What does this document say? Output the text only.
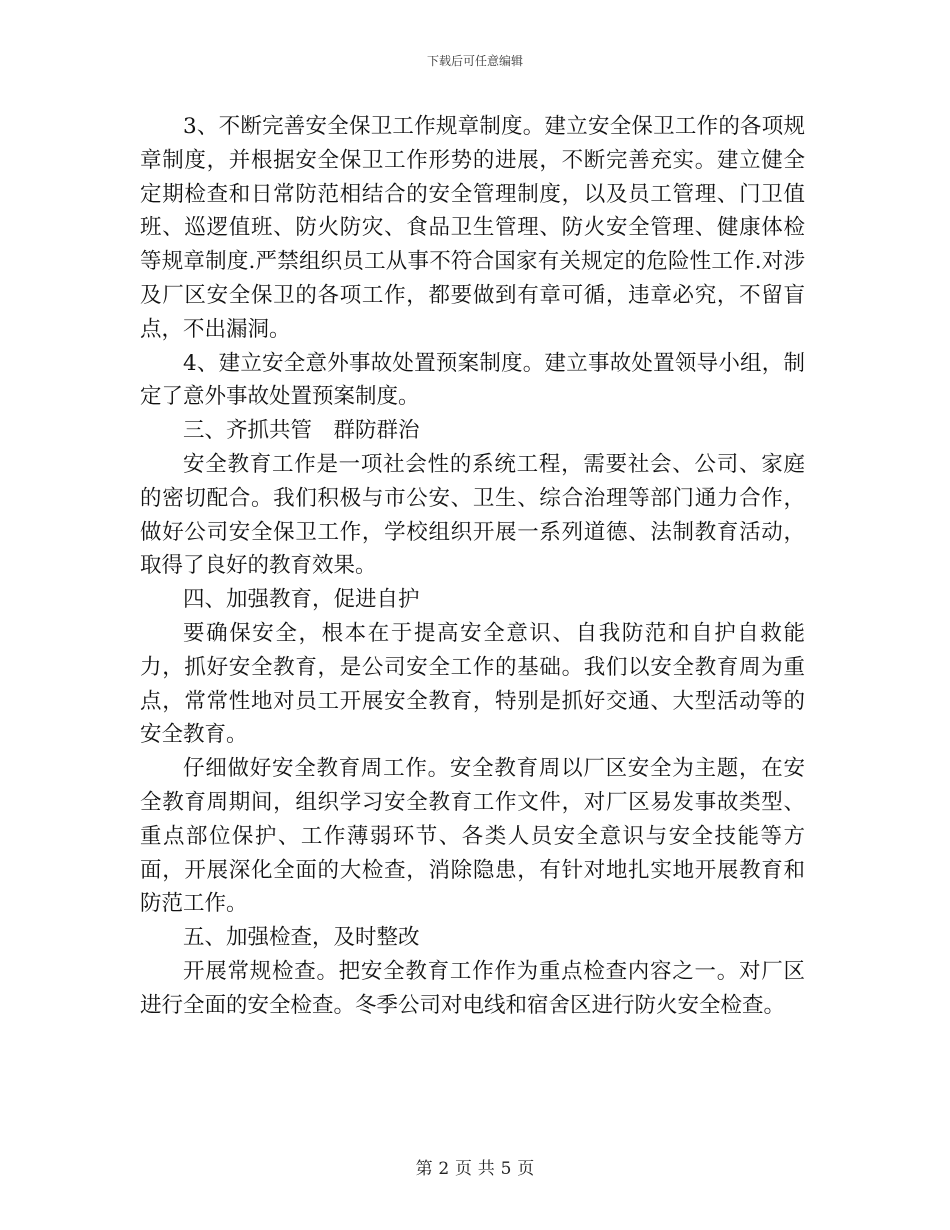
下载后可任意编辑

3、不断完善安全保卫工作规章制度。建立安全保卫工作的各项规章制度，并根据安全保卫工作形势的进展，不断完善充实。建立健全定期检查和日常防范相结合的安全管理制度，以及员工管理、门卫值班、巡逻值班、防火防灾、食品卫生管理、防火安全管理、健康体检等规章制度.严禁组织员工从事不符合国家有关规定的危险性工作.对涉及厂区安全保卫的各项工作，都要做到有章可循，违章必究，不留盲点，不出漏洞。

4、建立安全意外事故处置预案制度。建立事故处置领导小组，制定了意外事故处置预案制度。

三、齐抓共管　群防群治

安全教育工作是一项社会性的系统工程，需要社会、公司、家庭的密切配合。我们积极与市公安、卫生、综合治理等部门通力合作，做好公司安全保卫工作，学校组织开展一系列道德、法制教育活动，取得了良好的教育效果。

四、加强教育，促进自护

要确保安全，根本在于提高安全意识、自我防范和自护自救能力，抓好安全教育，是公司安全工作的基础。我们以安全教育周为重点，常常性地对员工开展安全教育，特别是抓好交通、大型活动等的安全教育。

仔细做好安全教育周工作。安全教育周以厂区安全为主题，在安全教育周期间，组织学习安全教育工作文件，对厂区易发事故类型、重点部位保护、工作薄弱环节、各类人员安全意识与安全技能等方面，开展深化全面的大检查，消除隐患，有针对地扎实地开展教育和防范工作。

五、加强检查，及时整改

开展常规检查。把安全教育工作作为重点检查内容之一。对厂区进行全面的安全检查。冬季公司对电线和宿舍区进行防火安全检查。

第 2 页 共 5 页
